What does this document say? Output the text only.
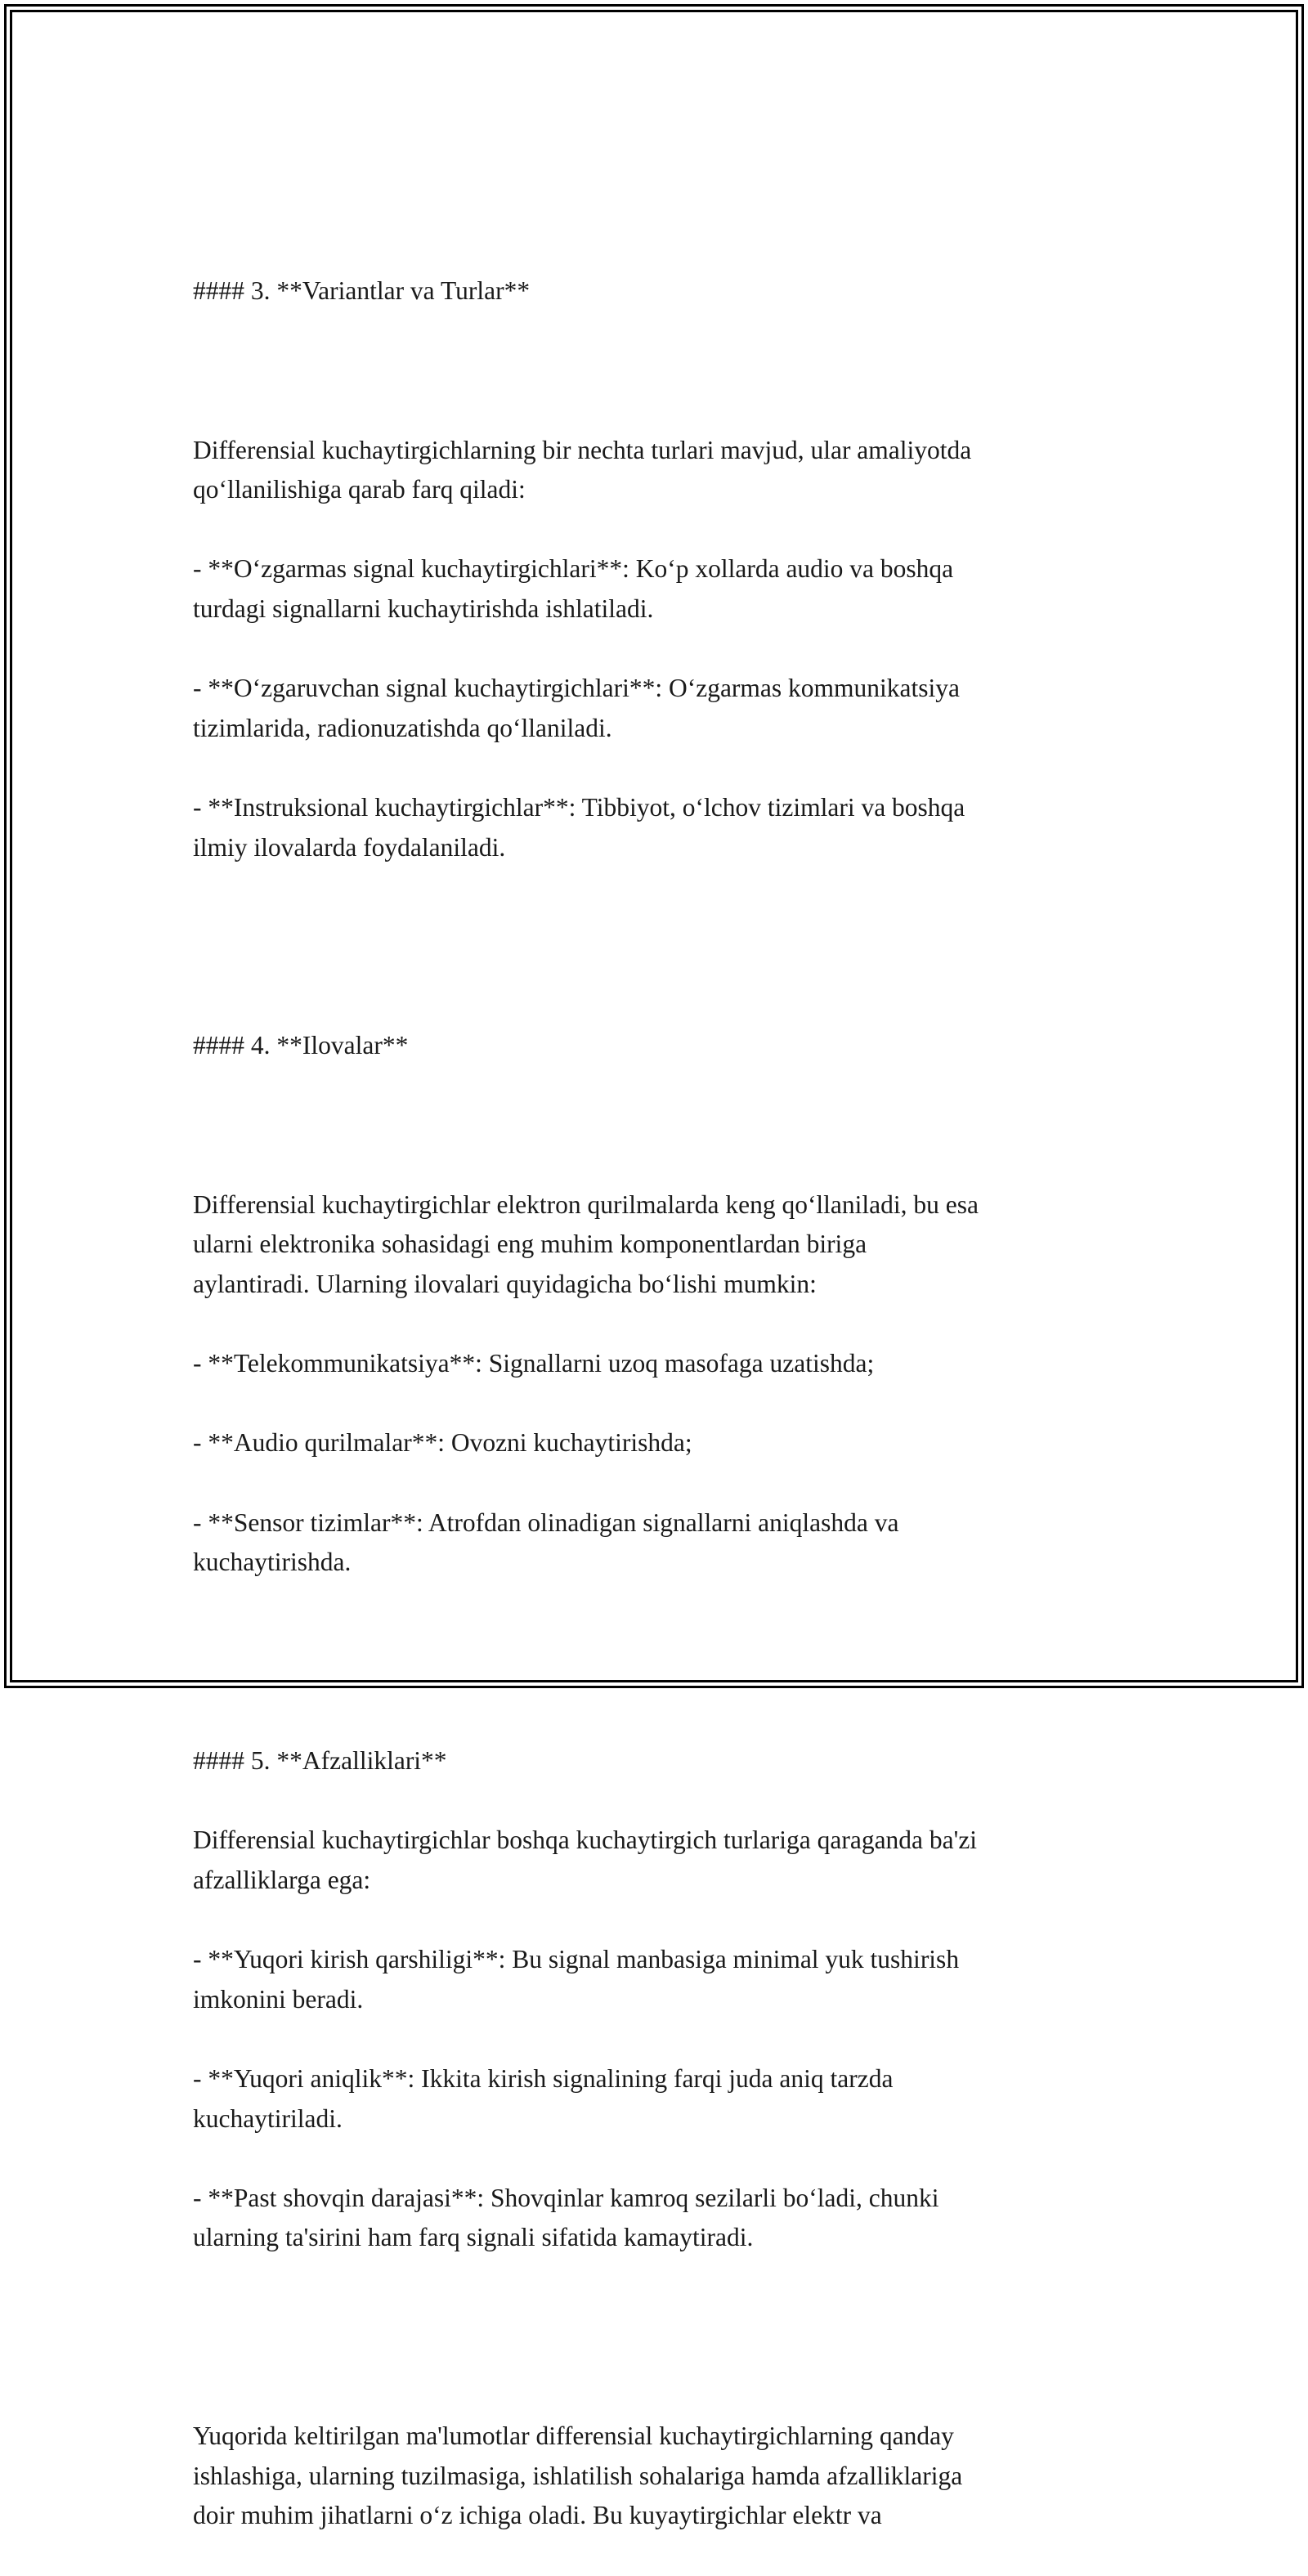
#### 3. **Variantlar va Turlar**

Differensial kuchaytirgichlarning bir nechta turlari mavjud, ular amaliyotda
qo‘llanilishiga qarab farq qiladi:

- **O‘zgarmas signal kuchaytirgichlari**: Ko‘p xollarda audio va boshqa
turdagi signallarni kuchaytirishda ishlatiladi.

- **O‘zgaruvchan signal kuchaytirgichlari**: O‘zgarmas kommunikatsiya
tizimlarida, radionuzatishda qo‘llaniladi.

- **Instruksional kuchaytirgichlar**: Tibbiyot, o‘lchov tizimlari va boshqa
ilmiy ilovalarda foydalaniladi.

#### 4. **Ilovalar**

Differensial kuchaytirgichlar elektron qurilmalarda keng qo‘llaniladi, bu esa
ularni elektronika sohasidagi eng muhim komponentlardan biriga
aylantiradi. Ularning ilovalari quyidagicha bo‘lishi mumkin:

- **Telekommunikatsiya**: Signallarni uzoq masofaga uzatishda;

- **Audio qurilmalar**: Ovozni kuchaytirishda;

- **Sensor tizimlar**: Atrofdan olinadigan signallarni aniqlashda va
kuchaytirishda.

#### 5. **Afzalliklari**

Differensial kuchaytirgichlar boshqa kuchaytirgich turlariga qaraganda ba'zi
afzalliklarga ega:

- **Yuqori kirish qarshiligi**: Bu signal manbasiga minimal yuk tushirish
imkonini beradi.

- **Yuqori aniqlik**: Ikkita kirish signalining farqi juda aniq tarzda
kuchaytiriladi.

- **Past shovqin darajasi**: Shovqinlar kamroq sezilarli bo‘ladi, chunki
ularning ta'sirini ham farq signali sifatida kamaytiradi.

Yuqorida keltirilgan ma'lumotlar differensial kuchaytirgichlarning qanday
ishlashiga, ularning tuzilmasiga, ishlatilish sohalariga hamda afzalliklariga
doir muhim jihatlarni o‘z ichiga oladi. Bu kuyaytirgichlar elektr va
